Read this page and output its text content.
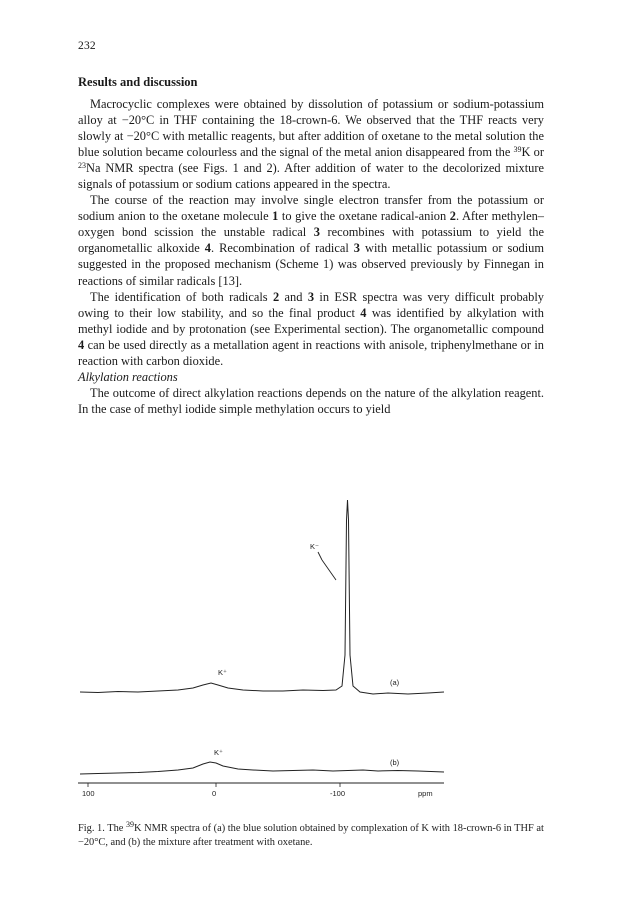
232
Results and discussion

Macrocyclic complexes were obtained by dissolution of potassium or sodium-potassium alloy at −20°C in THF containing the 18-crown-6. We observed that the THF reacts very slowly at −20°C with metallic reagents, but after addition of oxetane to the metal solution the blue solution became colourless and the signal of the metal anion disappeared from the $^{39}$K or $^{23}$Na NMR spectra (see Figs. 1 and 2). After addition of water to the decolorized mixture signals of potassium or sodium cations appeared in the spectra.

The course of the reaction may involve single electron transfer from the potassium or sodium anion to the oxetane molecule 1 to give the oxetane radical-anion 2. After methylen–oxygen bond scission the unstable radical 3 recombines with potassium to yield the organometallic alkoxide 4. Recombination of radical 3 with metallic potassium or sodium suggested in the proposed mechanism (Scheme 1) was observed previously by Finnegan in reactions of similar radicals [13].

The identification of both radicals 2 and 3 in ESR spectra was very difficult probably owing to their low stability, and so the final product 4 was identified by alkylation with methyl iodide and by protonation (see Experimental section). The organometallic compound 4 can be used directly as a metallation agent in reactions with anisole, triphenylmethane or in reaction with carbon dioxide.

Alkylation reactions

The outcome of direct alkylation reactions depends on the nature of the alkylation reagent. In the case of methyl iodide simple methylation occurs to yield

K⁻
K⁺
(a)
K⁺
(b)
100	0	-100	ppm
Fig. 1. The $^{39}$K NMR spectra of (a) the blue solution obtained by complexation of K with 18-crown-6 in THF at −20°C, and (b) the mixture after treatment with oxetane.
